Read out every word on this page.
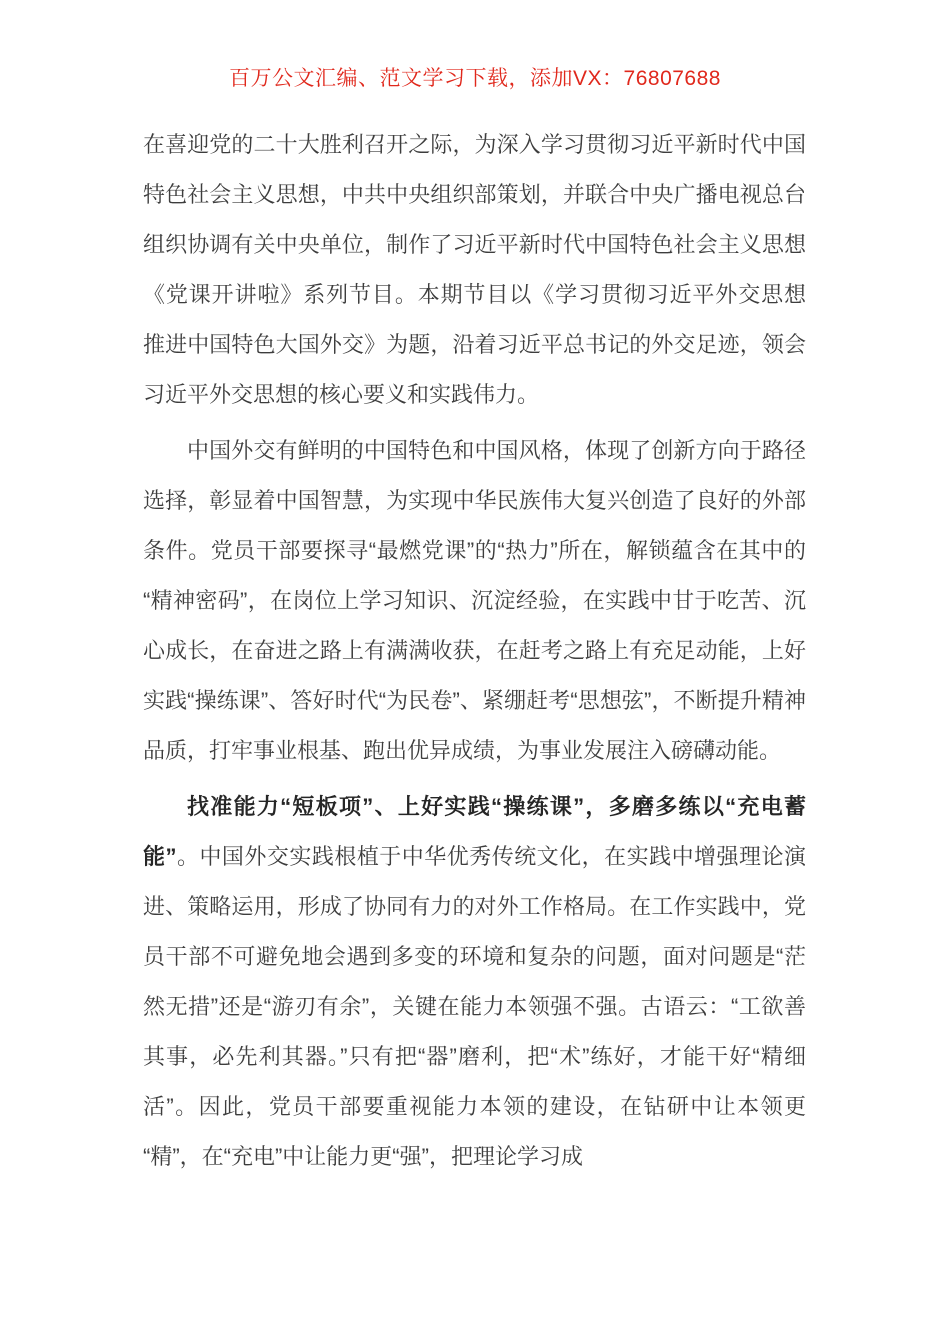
百万公文汇编、范文学习下载，添加VX：76807688

在喜迎党的二十大胜利召开之际，为深入学习贯彻习近平新时代中国特色社会主义思想，中共中央组织部策划，并联合中央广播电视总台组织协调有关中央单位，制作了习近平新时代中国特色社会主义思想《党课开讲啦》系列节目。本期节目以《学习贯彻习近平外交思想 推进中国特色大国外交》为题，沿着习近平总书记的外交足迹，领会习近平外交思想的核心要义和实践伟力。

中国外交有鲜明的中国特色和中国风格，体现了创新方向于路径选择，彰显着中国智慧，为实现中华民族伟大复兴创造了良好的外部条件。党员干部要探寻“最燃党课”的“热力”所在，解锁蕴含在其中的“精神密码”，在岗位上学习知识、沉淀经验，在实践中甘于吃苦、沉心成长，在奋进之路上有满满收获，在赶考之路上有充足动能，上好实践“操练课”、答好时代“为民卷”、紧绷赶考“思想弦”，不断提升精神品质，打牢事业根基、跑出优异成绩，为事业发展注入磅礴动能。

找准能力“短板项”、上好实践“操练课”，多磨多练以“充电蓄能”。中国外交实践根植于中华优秀传统文化，在实践中增强理论演进、策略运用，形成了协同有力的对外工作格局。在工作实践中，党员干部不可避免地会遇到多变的环境和复杂的问题，面对问题是“茫然无措”还是“游刃有余”，关键在能力本领强不强。古语云：“工欲善其事，必先利其器。”只有把“器”磨利，把“术”练好，才能干好“精细活”。因此，党员干部要重视能力本领的建设，在钻研中让本领更“精”，在“充电”中让能力更“强”，把理论学习成
